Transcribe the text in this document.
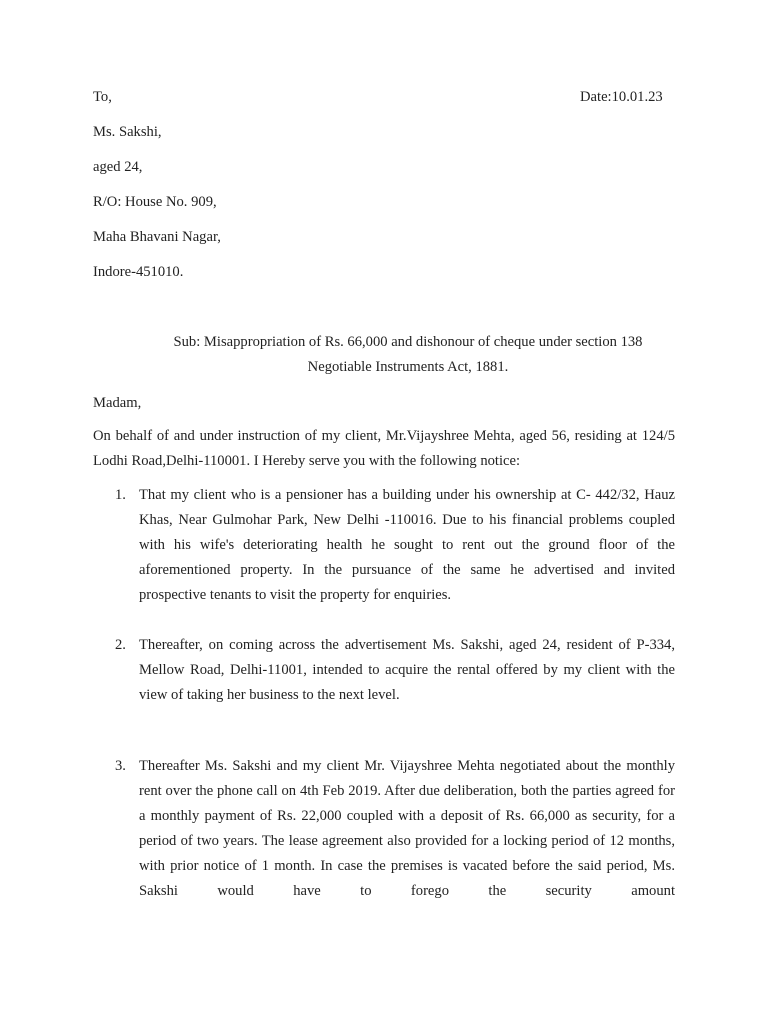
To,	Date:10.01.23
Ms. Sakshi,
aged 24,
R/O: House No. 909,
Maha Bhavani Nagar,
Indore-451010.
Sub: Misappropriation of Rs. 66,000 and dishonour of cheque under section 138
Negotiable Instruments Act, 1881.
Madam,
On behalf of and under instruction of my client, Mr.Vijayshree Mehta, aged 56, residing at 124/5 Lodhi Road,Delhi-110001. I Hereby serve you with the following notice:
1. That my client who is a pensioner has a building under his ownership at C- 442/32, Hauz Khas, Near Gulmohar Park, New Delhi -110016. Due to his financial problems coupled with his wife's deteriorating health he sought to rent out the ground floor of the aforementioned property. In the pursuance of the same he advertised and invited prospective tenants to visit the property for enquiries.
2. Thereafter, on coming across the advertisement Ms. Sakshi, aged 24, resident of P-334, Mellow Road, Delhi-11001, intended to acquire the rental offered by my client with the view of taking her business to the next level.
3. Thereafter Ms. Sakshi and my client Mr. Vijayshree Mehta negotiated about the monthly rent over the phone call on 4th Feb 2019. After due deliberation, both the parties agreed for a monthly payment of Rs. 22,000 coupled with a deposit of Rs. 66,000 as security, for a period of two years. The lease agreement also provided for a locking period of 12 months, with prior notice of 1 month. In case the premises is vacated before the said period, Ms. Sakshi would have to forego the security amount
